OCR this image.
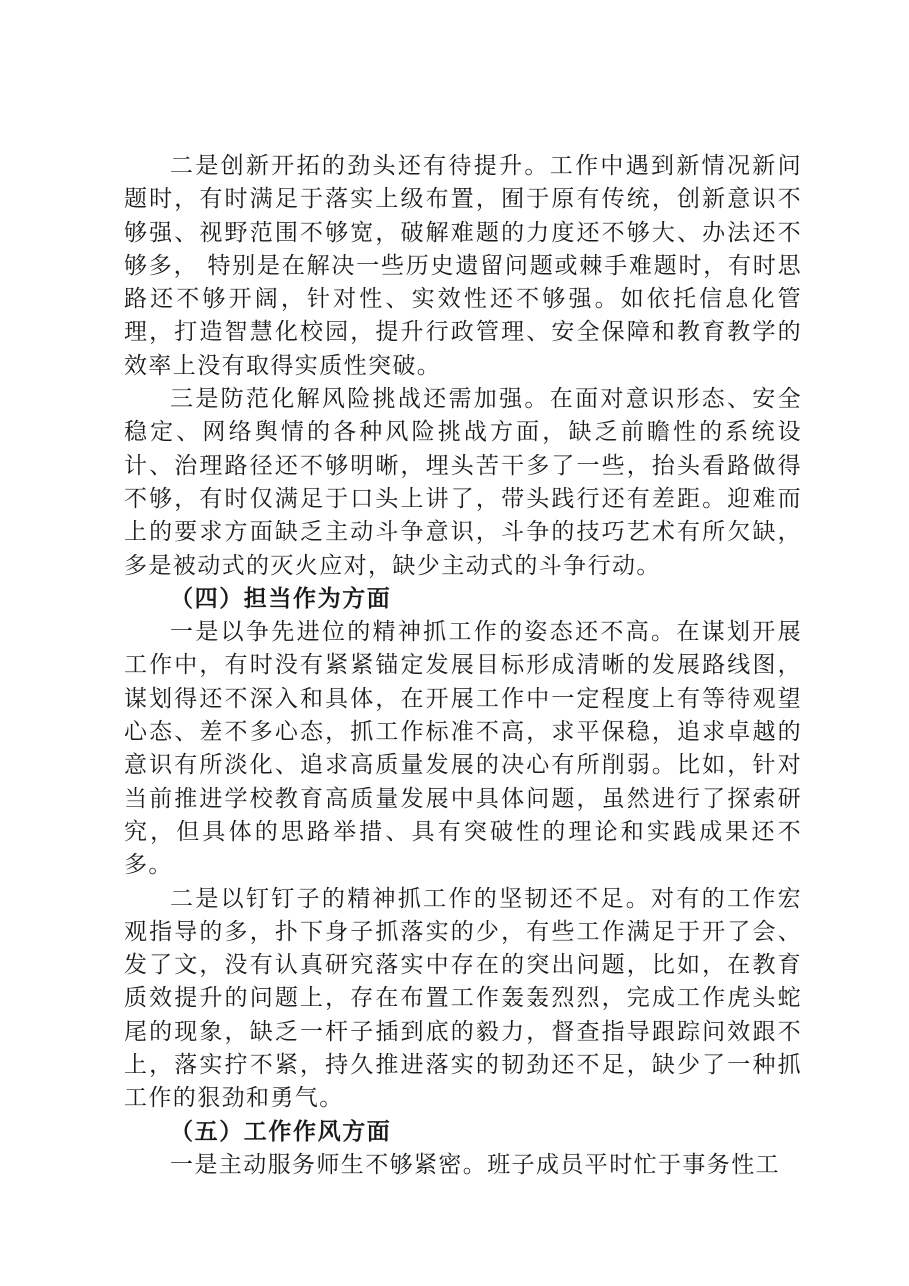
二是创新开拓的劲头还有待提升。工作中遇到新情况新问题时，有时满足于落实上级布置，囿于原有传统，创新意识不够强、视野范围不够宽，破解难题的力度还不够大、办法还不够多， 特别是在解决一些历史遗留问题或棘手难题时，有时思路还不够开阔，针对性、实效性还不够强。如依托信息化管理，打造智慧化校园，提升行政管理、安全保障和教育教学的效率上没有取得实质性突破。

三是防范化解风险挑战还需加强。在面对意识形态、安全稳定、网络舆情的各种风险挑战方面，缺乏前瞻性的系统设计、治理路径还不够明晰，埋头苦干多了一些，抬头看路做得不够，有时仅满足于口头上讲了，带头践行还有差距。迎难而上的要求方面缺乏主动斗争意识，斗争的技巧艺术有所欠缺，多是被动式的灭火应对，缺少主动式的斗争行动。

（四）担当作为方面

一是以争先进位的精神抓工作的姿态还不高。在谋划开展工作中，有时没有紧紧锚定发展目标形成清晰的发展路线图，谋划得还不深入和具体，在开展工作中一定程度上有等待观望心态、差不多心态，抓工作标准不高，求平保稳，追求卓越的意识有所淡化、追求高质量发展的决心有所削弱。比如，针对当前推进学校教育高质量发展中具体问题，虽然进行了探索研究，但具体的思路举措、具有突破性的理论和实践成果还不多。

二是以钉钉子的精神抓工作的坚韧还不足。对有的工作宏观指导的多，扑下身子抓落实的少，有些工作满足于开了会、发了文，没有认真研究落实中存在的突出问题，比如，在教育质效提升的问题上，存在布置工作轰轰烈烈，完成工作虎头蛇尾的现象，缺乏一杆子插到底的毅力，督查指导跟踪问效跟不上，落实拧不紧，持久推进落实的韧劲还不足，缺少了一种抓工作的狠劲和勇气。

（五）工作作风方面

一是主动服务师生不够紧密。班子成员平时忙于事务性工
